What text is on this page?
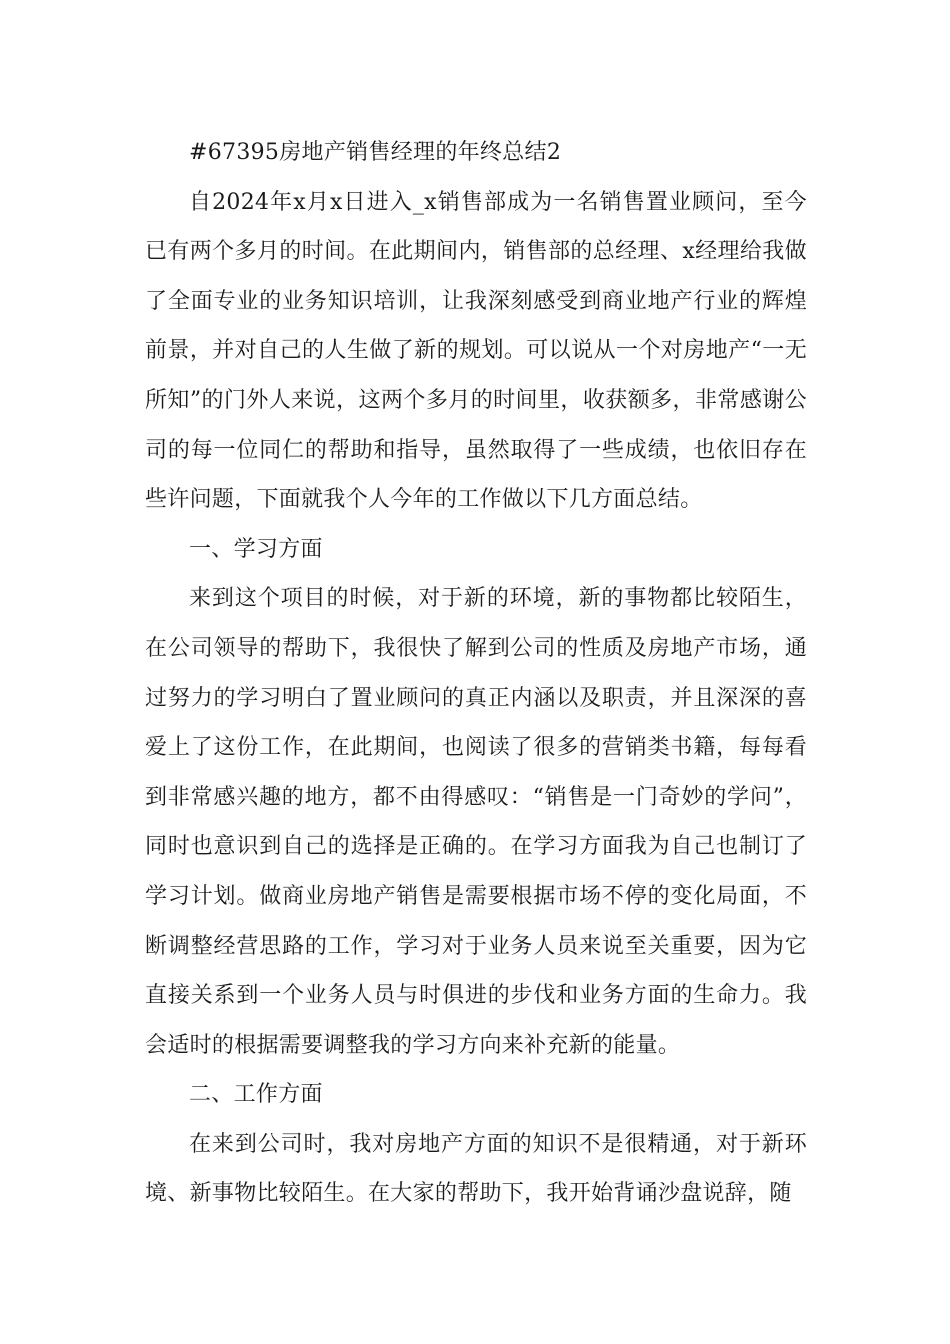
#67395房地产销售经理的年终总结2

自2024年x月x日进入_x销售部成为一名销售置业顾问，至今已有两个多月的时间。在此期间内，销售部的总经理、x经理给我做了全面专业的业务知识培训，让我深刻感受到商业地产行业的辉煌前景，并对自己的人生做了新的规划。可以说从一个对房地产“一无所知”的门外人来说，这两个多月的时间里，收获额多，非常感谢公司的每一位同仁的帮助和指导，虽然取得了一些成绩，也依旧存在些许问题，下面就我个人今年的工作做以下几方面总结。

一、学习方面

来到这个项目的时候，对于新的环境，新的事物都比较陌生，在公司领导的帮助下，我很快了解到公司的性质及房地产市场，通过努力的学习明白了置业顾问的真正内涵以及职责，并且深深的喜爱上了这份工作，在此期间，也阅读了很多的营销类书籍，每每看到非常感兴趣的地方，都不由得感叹：“销售是一门奇妙的学问”，同时也意识到自己的选择是正确的。在学习方面我为自己也制订了学习计划。做商业房地产销售是需要根据市场不停的变化局面，不断调整经营思路的工作，学习对于业务人员来说至关重要，因为它直接关系到一个业务人员与时俱进的步伐和业务方面的生命力。我会适时的根据需要调整我的学习方向来补充新的能量。

二、工作方面

在来到公司时，我对房地产方面的知识不是很精通，对于新环境、新事物比较陌生。在大家的帮助下，我开始背诵沙盘说辞，随
